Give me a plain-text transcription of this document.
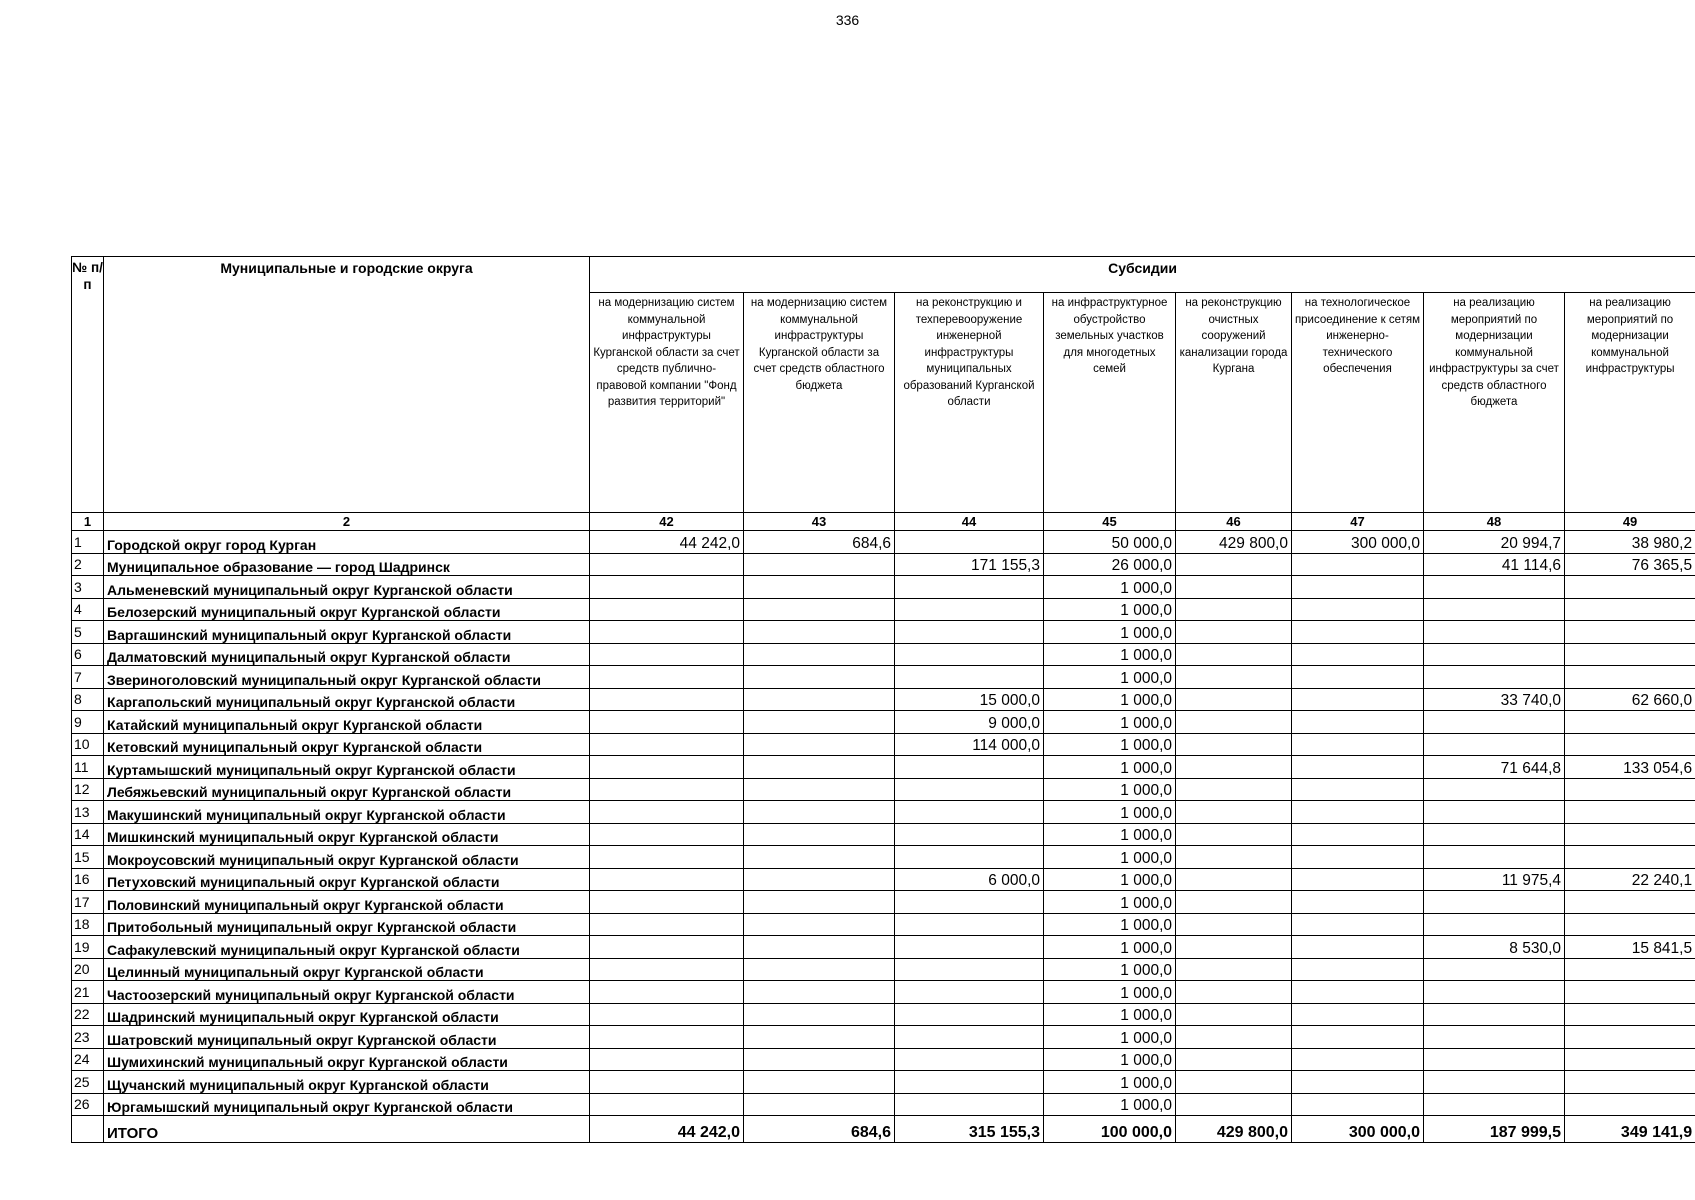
336
№ п/п	Муниципальные и городские округа	Субсидии							
		на модернизацию систем коммунальной инфраструктуры Курганской области за счет средств публично-правовой компании "Фонд развития территорий"	на модернизацию систем коммунальной инфраструктуры Курганской области за счет средств областного бюджета	на реконструкцию и техперевооружение инженерной инфраструктуры муниципальных образований Курганской области	на инфраструктурное обустройство земельных участков для многодетных семей	на реконструкцию очистных сооружений канализации города Кургана	на технологическое присоединение к сетям инженерно-технического обеспечения	на реализацию мероприятий по модернизации коммунальной инфраструктуры за счет средств областного бюджета	на реализацию мероприятий по модернизации коммунальной инфраструктуры
1	2	42	43	44	45	46	47	48	49
1	Городской округ город Курган	44 242,0	684,6		50 000,0	429 800,0	300 000,0	20 994,7	38 980,2
2	Муниципальное образование — город Шадринск			171 155,3	26 000,0			41 114,6	76 365,5
3	Альменевский муниципальный округ Курганской области				1 000,0				
4	Белозерский муниципальный округ Курганской области				1 000,0				
5	Варгашинский муниципальный округ Курганской области				1 000,0				
6	Далматовский муниципальный округ Курганской области				1 000,0				
7	Звериноголовский муниципальный округ Курганской области				1 000,0				
8	Каргапольский муниципальный округ Курганской области			15 000,0	1 000,0			33 740,0	62 660,0
9	Катайский муниципальный округ Курганской области			9 000,0	1 000,0				
10	Кетовский муниципальный округ Курганской области			114 000,0	1 000,0				
11	Куртамышский муниципальный округ Курганской области				1 000,0			71 644,8	133 054,6
12	Лебяжьевский муниципальный округ Курганской области				1 000,0				
13	Макушинский муниципальный округ Курганской области				1 000,0				
14	Мишкинский муниципальный округ Курганской области				1 000,0				
15	Мокроусовский муниципальный округ Курганской области				1 000,0				
16	Петуховский муниципальный округ Курганской области			6 000,0	1 000,0			11 975,4	22 240,1
17	Половинский муниципальный округ Курганской области				1 000,0				
18	Притобольный муниципальный округ Курганской области				1 000,0				
19	Сафакулевский муниципальный округ Курганской области				1 000,0			8 530,0	15 841,5
20	Целинный муниципальный округ Курганской области				1 000,0				
21	Частоозерский муниципальный округ Курганской области				1 000,0				
22	Шадринский муниципальный округ Курганской области				1 000,0				
23	Шатровский муниципальный округ Курганской области				1 000,0				
24	Шумихинский муниципальный округ Курганской области				1 000,0				
25	Щучанский муниципальный округ Курганской области				1 000,0				
26	Юргамышский муниципальный округ Курганской области				1 000,0				
	ИТОГО	44 242,0	684,6	315 155,3	100 000,0	429 800,0	300 000,0	187 999,5	349 141,9
